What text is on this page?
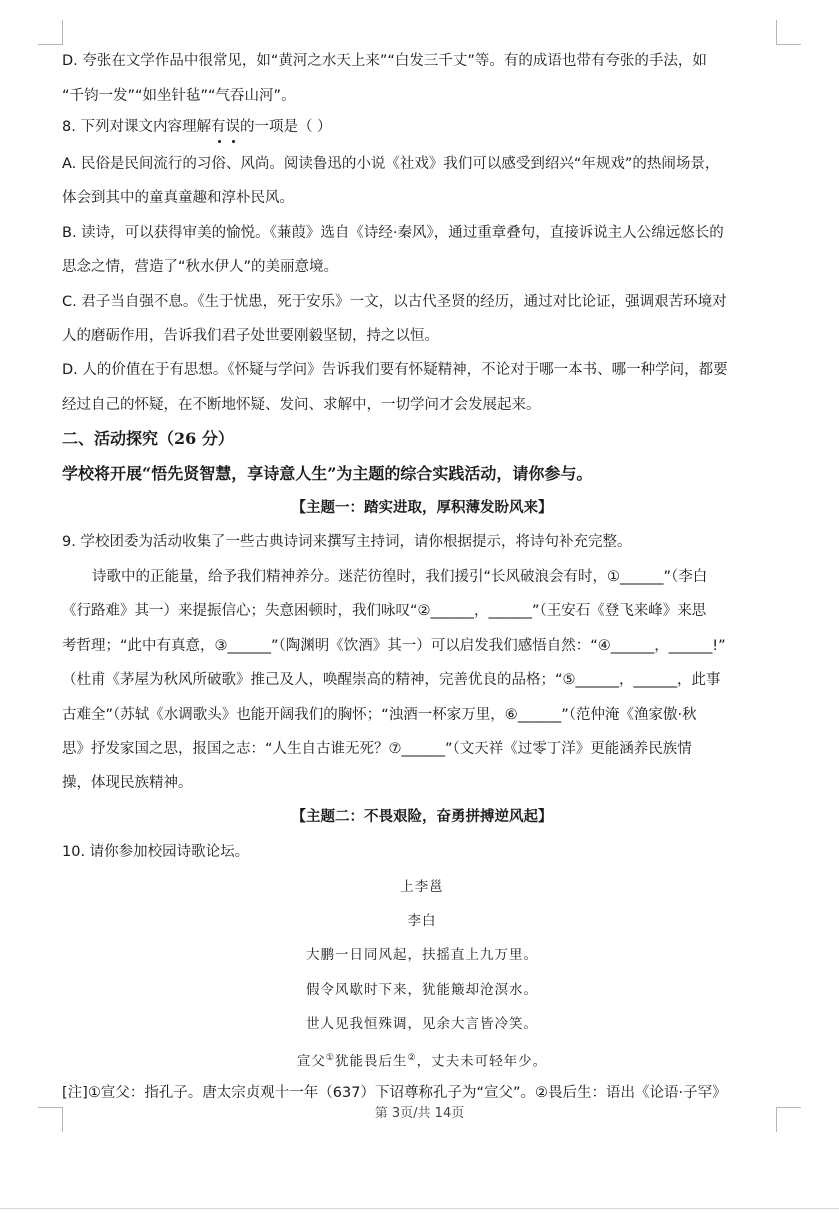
D. 夸张在文学作品中很常见，如“黄河之水天上来”“白发三千丈”等。有的成语也带有夸张的手法，如
“千钧一发”“如坐针毡”“气吞山河”。
8. 下列对课文内容理解有误的一项是（ ）
A. 民俗是民间流行的习俗、风尚。阅读鲁迅的小说《社戏》我们可以感受到绍兴“年规戏”的热闹场景，
体会到其中的童真童趣和淳朴民风。
B. 读诗，可以获得审美的愉悦。《蒹葭》选自《诗经·秦风》，通过重章叠句，直接诉说主人公绵远悠长的
思念之情，营造了“秋水伊人”的美丽意境。
C. 君子当自强不息。《生于忧患，死于安乐》一文，以古代圣贤的经历，通过对比论证，强调艰苦环境对
人的磨砺作用，告诉我们君子处世要刚毅坚韧，持之以恒。
D. 人的价值在于有思想。《怀疑与学问》告诉我们要有怀疑精神，不论对于哪一本书、哪一种学问，都要
经过自己的怀疑，在不断地怀疑、发问、求解中，一切学问才会发展起来。
二、活动探究（26 分）
学校将开展“悟先贤智慧，享诗意人生”为主题的综合实践活动，请你参与。
【主题一：踏实进取，厚积薄发盼风来】
9. 学校团委为活动收集了一些古典诗词来撰写主持词，请你根据提示，将诗句补充完整。
诗歌中的正能量，给予我们精神养分。迷茫彷徨时，我们援引“长风破浪会有时，①______”（李白
《行路难》其一）来提振信心；失意困顿时，我们咏叹“②______，______”（王安石《登飞来峰》来思
考哲理；“此中有真意，③______”（陶渊明《饮酒》其一）可以启发我们感悟自然：“④______，______!”
（杜甫《茅屋为秋风所破歌》推己及人，唤醒崇高的精神，完善优良的品格；“⑤______，______，此事
古难全”（苏轼《水调歌头》也能开阔我们的胸怀；“浊酒一杯家万里，⑥______”（范仲淹《渔家傲·秋
思》抒发家国之思，报国之志：“人生自古谁无死？⑦______”（文天祥《过零丁洋》更能涵养民族情
操，体现民族精神。
【主题二：不畏艰险，奋勇拼搏逆风起】
10. 请你参加校园诗歌论坛。
上李邕
李白
大鹏一日同风起，扶摇直上九万里。
假令风歇时下来，犹能簸却沧溟水。
世人见我恒殊调，见余大言皆冷笑。
宣父①犹能畏后生②，丈夫未可轻年少。
[注]①宣父：指孔子。唐太宗贞观十一年（637）下诏尊称孔子为“宣父”。②畏后生：语出《论语·子罕》
第 3页/共 14页
